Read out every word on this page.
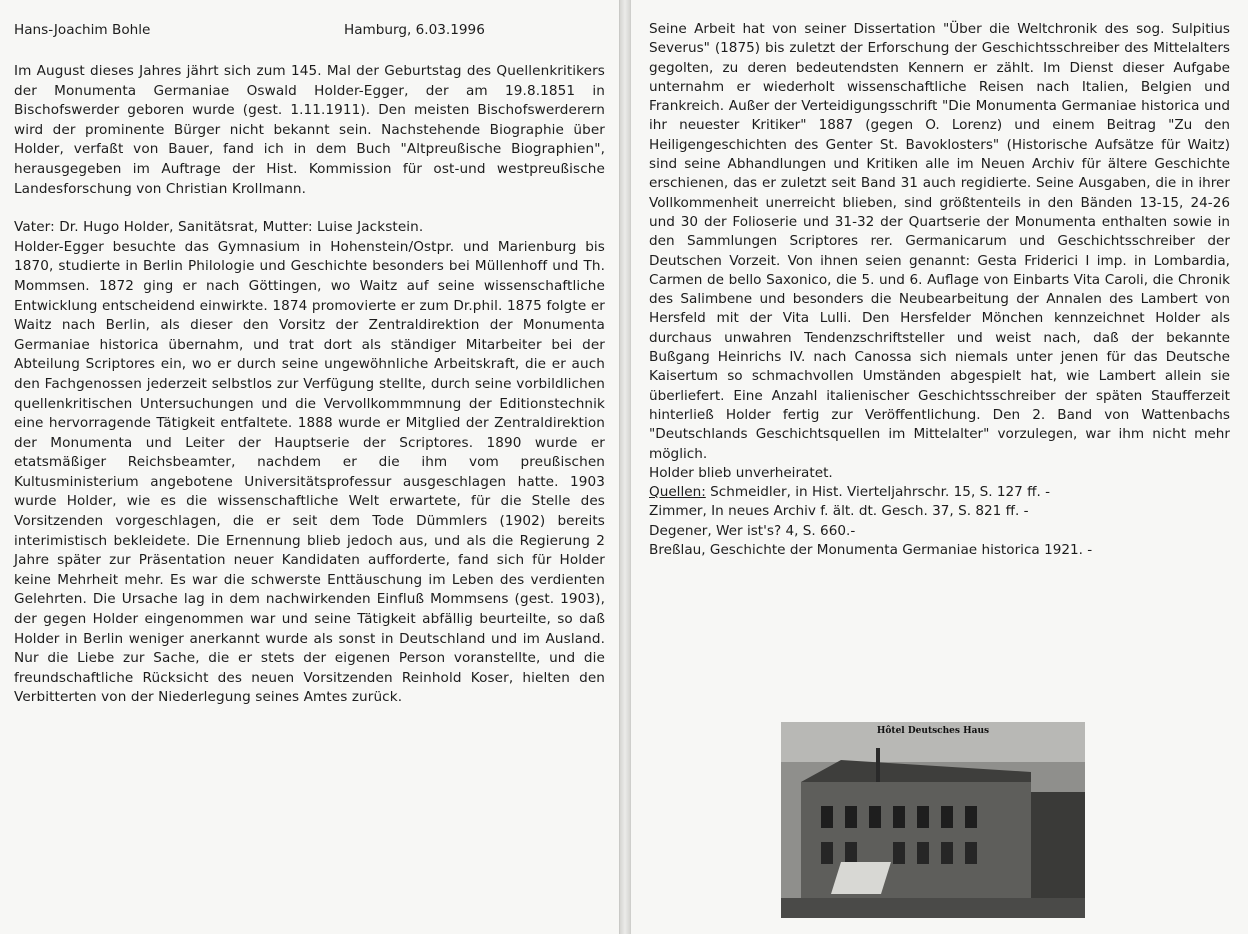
Hans-Joachim Bohle	Hamburg, 6.03.1996

Im August dieses Jahres jährt sich zum 145. Mal der Geburtstag des Quellenkritikers der Monumenta Germaniae Oswald Holder-Egger, der am 19.8.1851 in Bischofswerder geboren wurde (gest. 1.11.1911). Den meisten Bischofswerderern wird der prominente Bürger nicht bekannt sein. Nachstehende Biographie über Holder, verfaßt von Bauer, fand ich in dem Buch "Altpreußische Biographien", herausgegeben im Auftrage der Hist. Kommission für ost-und westpreußische Landesforschung von Christian Krollmann.

Vater: Dr. Hugo Holder, Sanitätsrat, Mutter: Luise Jackstein.

Holder-Egger besuchte das Gymnasium in Hohenstein/Ostpr. und Marienburg bis 1870, studierte in Berlin Philologie und Geschichte besonders bei Müllenhoff und Th. Mommsen. 1872 ging er nach Göttingen, wo Waitz auf seine wissenschaftliche Entwicklung entscheidend einwirkte. 1874 promovierte er zum Dr.phil. 1875 folgte er Waitz nach Berlin, als dieser den Vorsitz der Zentraldirektion der Monumenta Germaniae historica übernahm, und trat dort als ständiger Mitarbeiter bei der Abteilung Scriptores ein, wo er durch seine ungewöhnliche Arbeitskraft, die er auch den Fachgenossen jederzeit selbstlos zur Verfügung stellte, durch seine vorbildlichen quellenkritischen Untersuchungen und die Vervollkommmnung der Editionstechnik eine hervorragende Tätigkeit entfaltete. 1888 wurde er Mitglied der Zentraldirektion der Monumenta und Leiter der Hauptserie der Scriptores. 1890 wurde er etatsmäßiger Reichsbeamter, nachdem er die ihm vom preußischen Kultusministerium angebotene Universitätsprofessur ausgeschlagen hatte. 1903 wurde Holder, wie es die wissenschaftliche Welt erwartete, für die Stelle des Vorsitzenden vorgeschlagen, die er seit dem Tode Dümmlers (1902) bereits interimistisch bekleidete. Die Ernennung blieb jedoch aus, und als die Regierung 2 Jahre später zur Präsentation neuer Kandidaten aufforderte, fand sich für Holder keine Mehrheit mehr. Es war die schwerste Enttäuschung im Leben des verdienten Gelehrten. Die Ursache lag in dem nachwirkenden Einfluß Mommsens (gest. 1903), der gegen Holder eingenommen war und seine Tätigkeit abfällig beurteilte, so daß Holder in Berlin weniger anerkannt wurde als sonst in Deutschland und im Ausland. Nur die Liebe zur Sache, die er stets der eigenen Person voranstellte, und die freundschaftliche Rücksicht des neuen Vorsitzenden Reinhold Koser, hielten den Verbitterten von der Niederlegung seines Amtes zurück.

Seine Arbeit hat von seiner Dissertation "Über die Weltchronik des sog. Sulpitius Severus" (1875) bis zuletzt der Erforschung der Geschichtsschreiber des Mittelalters gegolten, zu deren bedeutendsten Kennern er zählt. Im Dienst dieser Aufgabe unternahm er wiederholt wissenschaftliche Reisen nach Italien, Belgien und Frankreich. Außer der Verteidigungsschrift "Die Monumenta Germaniae historica und ihr neuester Kritiker" 1887 (gegen O. Lorenz) und einem Beitrag "Zu den Heiligengeschichten des Genter St. Bavoklosters" (Historische Aufsätze für Waitz) sind seine Abhandlungen und Kritiken alle im Neuen Archiv für ältere Geschichte erschienen, das er zuletzt seit Band 31 auch regidierte. Seine Ausgaben, die in ihrer Vollkommenheit unerreicht blieben, sind größtenteils in den Bänden 13-15, 24-26 und 30 der Folioserie und 31-32 der Quartserie der Monumenta enthalten sowie in den Sammlungen Scriptores rer. Germanicarum und Geschichtsschreiber der Deutschen Vorzeit. Von ihnen seien genannt: Gesta Friderici I imp. in Lombardia, Carmen de bello Saxonico, die 5. und 6. Auflage von Einbarts Vita Caroli, die Chronik des Salimbene und besonders die Neubearbeitung der Annalen des Lambert von Hersfeld mit der Vita Lulli. Den Hersfelder Mönchen kennzeichnet Holder als durchaus unwahren Tendenzschriftsteller und weist nach, daß der bekannte Bußgang Heinrichs IV. nach Canossa sich niemals unter jenen für das Deutsche Kaisertum so schmachvollen Umständen abgespielt hat, wie Lambert allein sie überliefert. Eine Anzahl italienischer Geschichtsschreiber der späten Staufferzeit hinterließ Holder fertig zur Veröffentlichung. Den 2. Band von Wattenbachs "Deutschlands Geschichtsquellen im Mittelalter" vorzulegen, war ihm nicht mehr möglich.

Holder blieb unverheiratet.

Quellen: Schmeidler, in Hist. Vierteljahrschr. 15, S. 127 ff. -

Zimmer, In neues Archiv f. ält. dt. Gesch. 37, S. 821 ff. -

Degener, Wer ist's? 4, S. 660.-

Breßlau, Geschichte der Monumenta Germaniae historica 1921. -

Hôtel Deutsches Haus
